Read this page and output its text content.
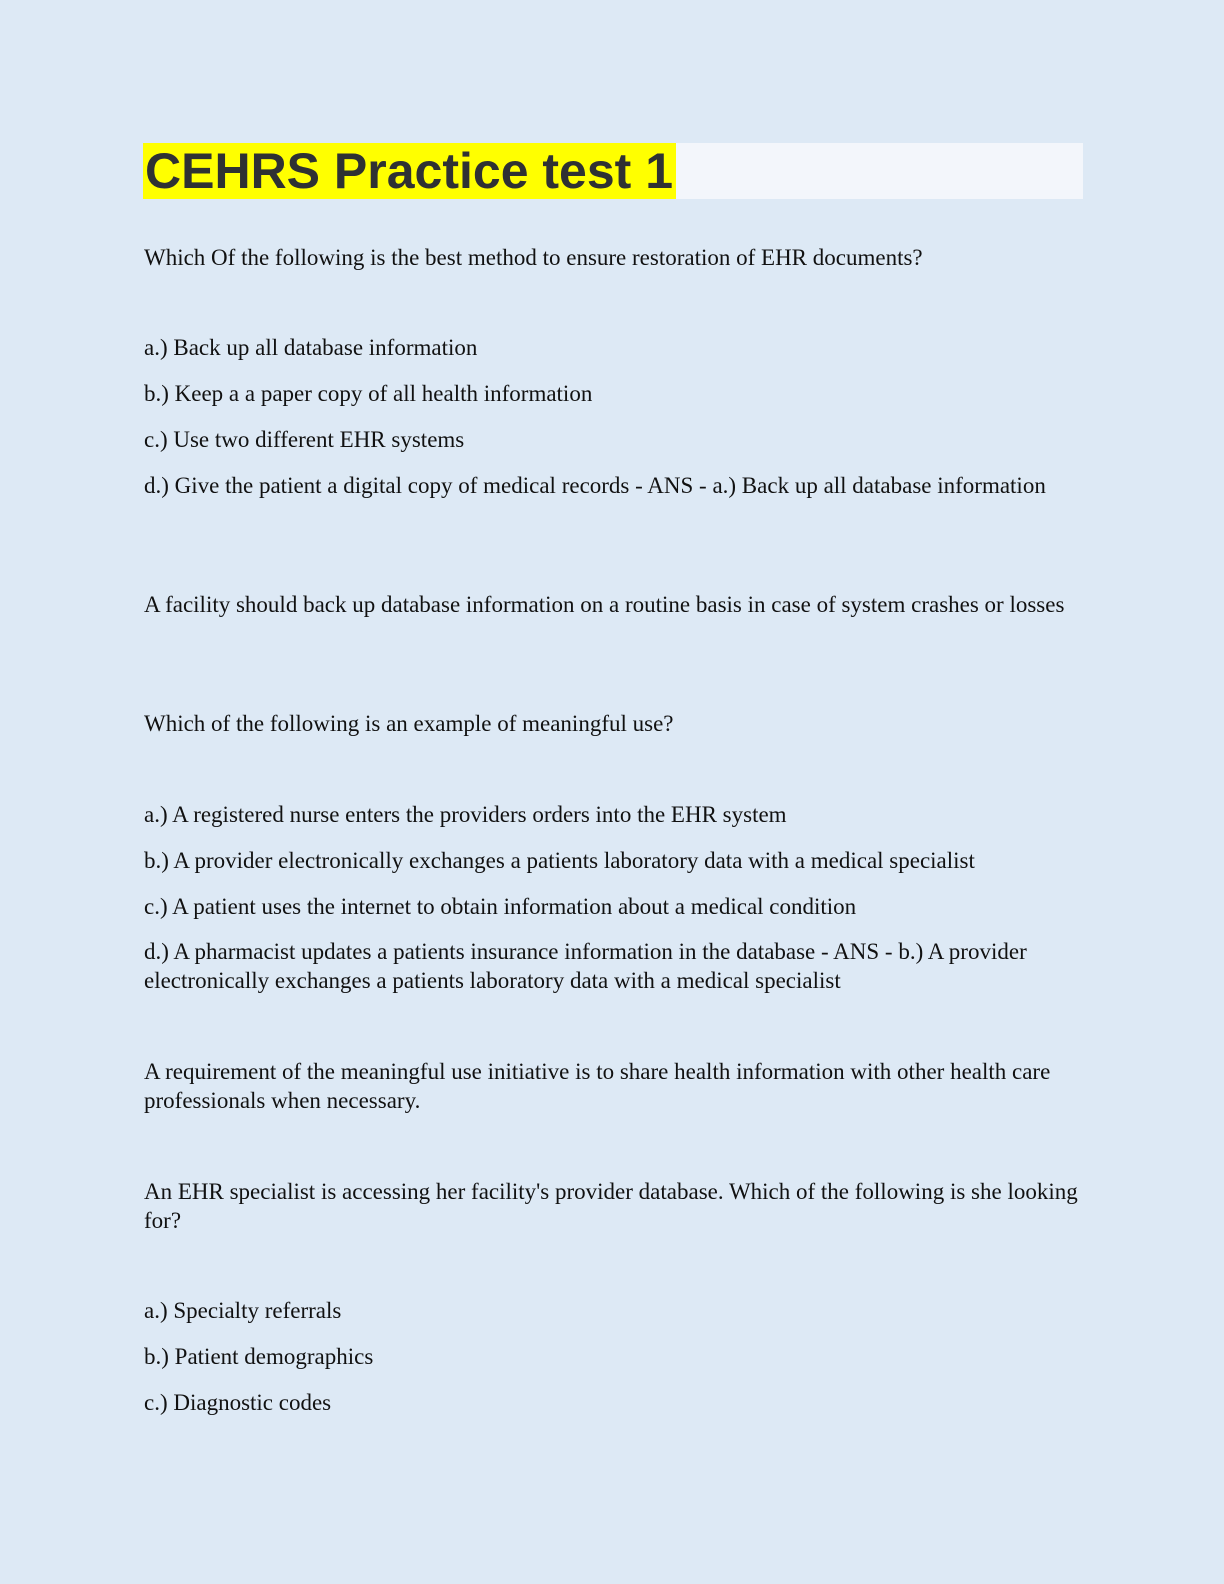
CEHRS Practice test 1

Which Of the following is the best method to ensure restoration of EHR documents?

a.) Back up all database information

b.) Keep a a paper copy of all health information

c.) Use two different EHR systems

d.) Give the patient a digital copy of medical records - ANS - a.) Back up all database information

A facility should back up database information on a routine basis in case of system crashes or losses

Which of the following is an example of meaningful use?

a.) A registered nurse enters the providers orders into the EHR system

b.) A provider electronically exchanges a patients laboratory data with a medical specialist

c.) A patient uses the internet to obtain information about a medical condition

d.) A pharmacist updates a patients insurance information in the database - ANS - b.) A provider electronically exchanges a patients laboratory data with a medical specialist

A requirement of the meaningful use initiative is to share health information with other health care professionals when necessary.

An EHR specialist is accessing her facility's provider database. Which of the following is she looking for?

a.) Specialty referrals

b.) Patient demographics

c.) Diagnostic codes
